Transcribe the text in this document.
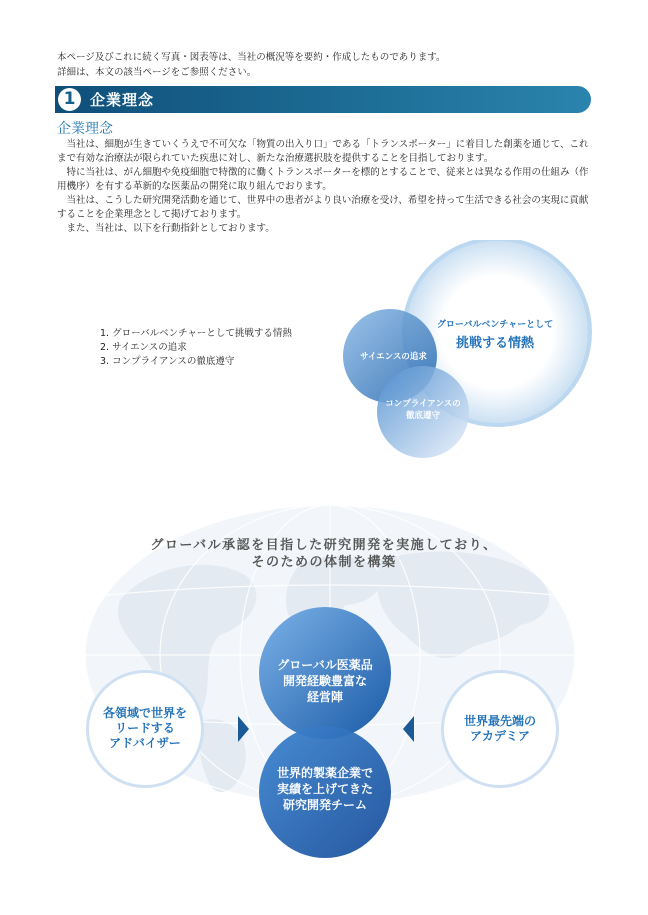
本ページ及びこれに続く写真・図表等は、当社の概況等を要約・作成したものであります。
詳細は、本文の該当ページをご参照ください。
1 企業理念
企業理念

当社は、細胞が生きていくうえで不可欠な「物質の出入り口」である「トランスポーター」に着目した創薬を通じて、これまで有効な治療法が限られていた疾患に対し、新たな治療選択肢を提供することを目指しております。

特に当社は、がん細胞や免疫細胞で特徴的に働くトランスポーターを標的とすることで、従来とは異なる作用の仕組み（作用機序）を有する革新的な医薬品の開発に取り組んでおります。

当社は、こうした研究開発活動を通じて、世界中の患者がより良い治療を受け、希望を持って生活できる社会の実現に貢献することを企業理念として掲げております。

また、当社は、以下を行動指針としております。

1. グローバルベンチャーとして挑戦する情熱
2. サイエンスの追求
3. コンプライアンスの徹底遵守
グローバルベンチャーとして
挑戦する情熱
サイエンスの追求
コンプライアンスの
徹底遵守
グローバル承認を目指した研究開発を実施しており、
そのための体制を構築
各領域で世界を
リードする
アドバイザー
世界最先端の
アカデミア
グローバル医薬品
開発経験豊富な
経営陣
世界的製薬企業で
実績を上げてきた
研究開発チーム
